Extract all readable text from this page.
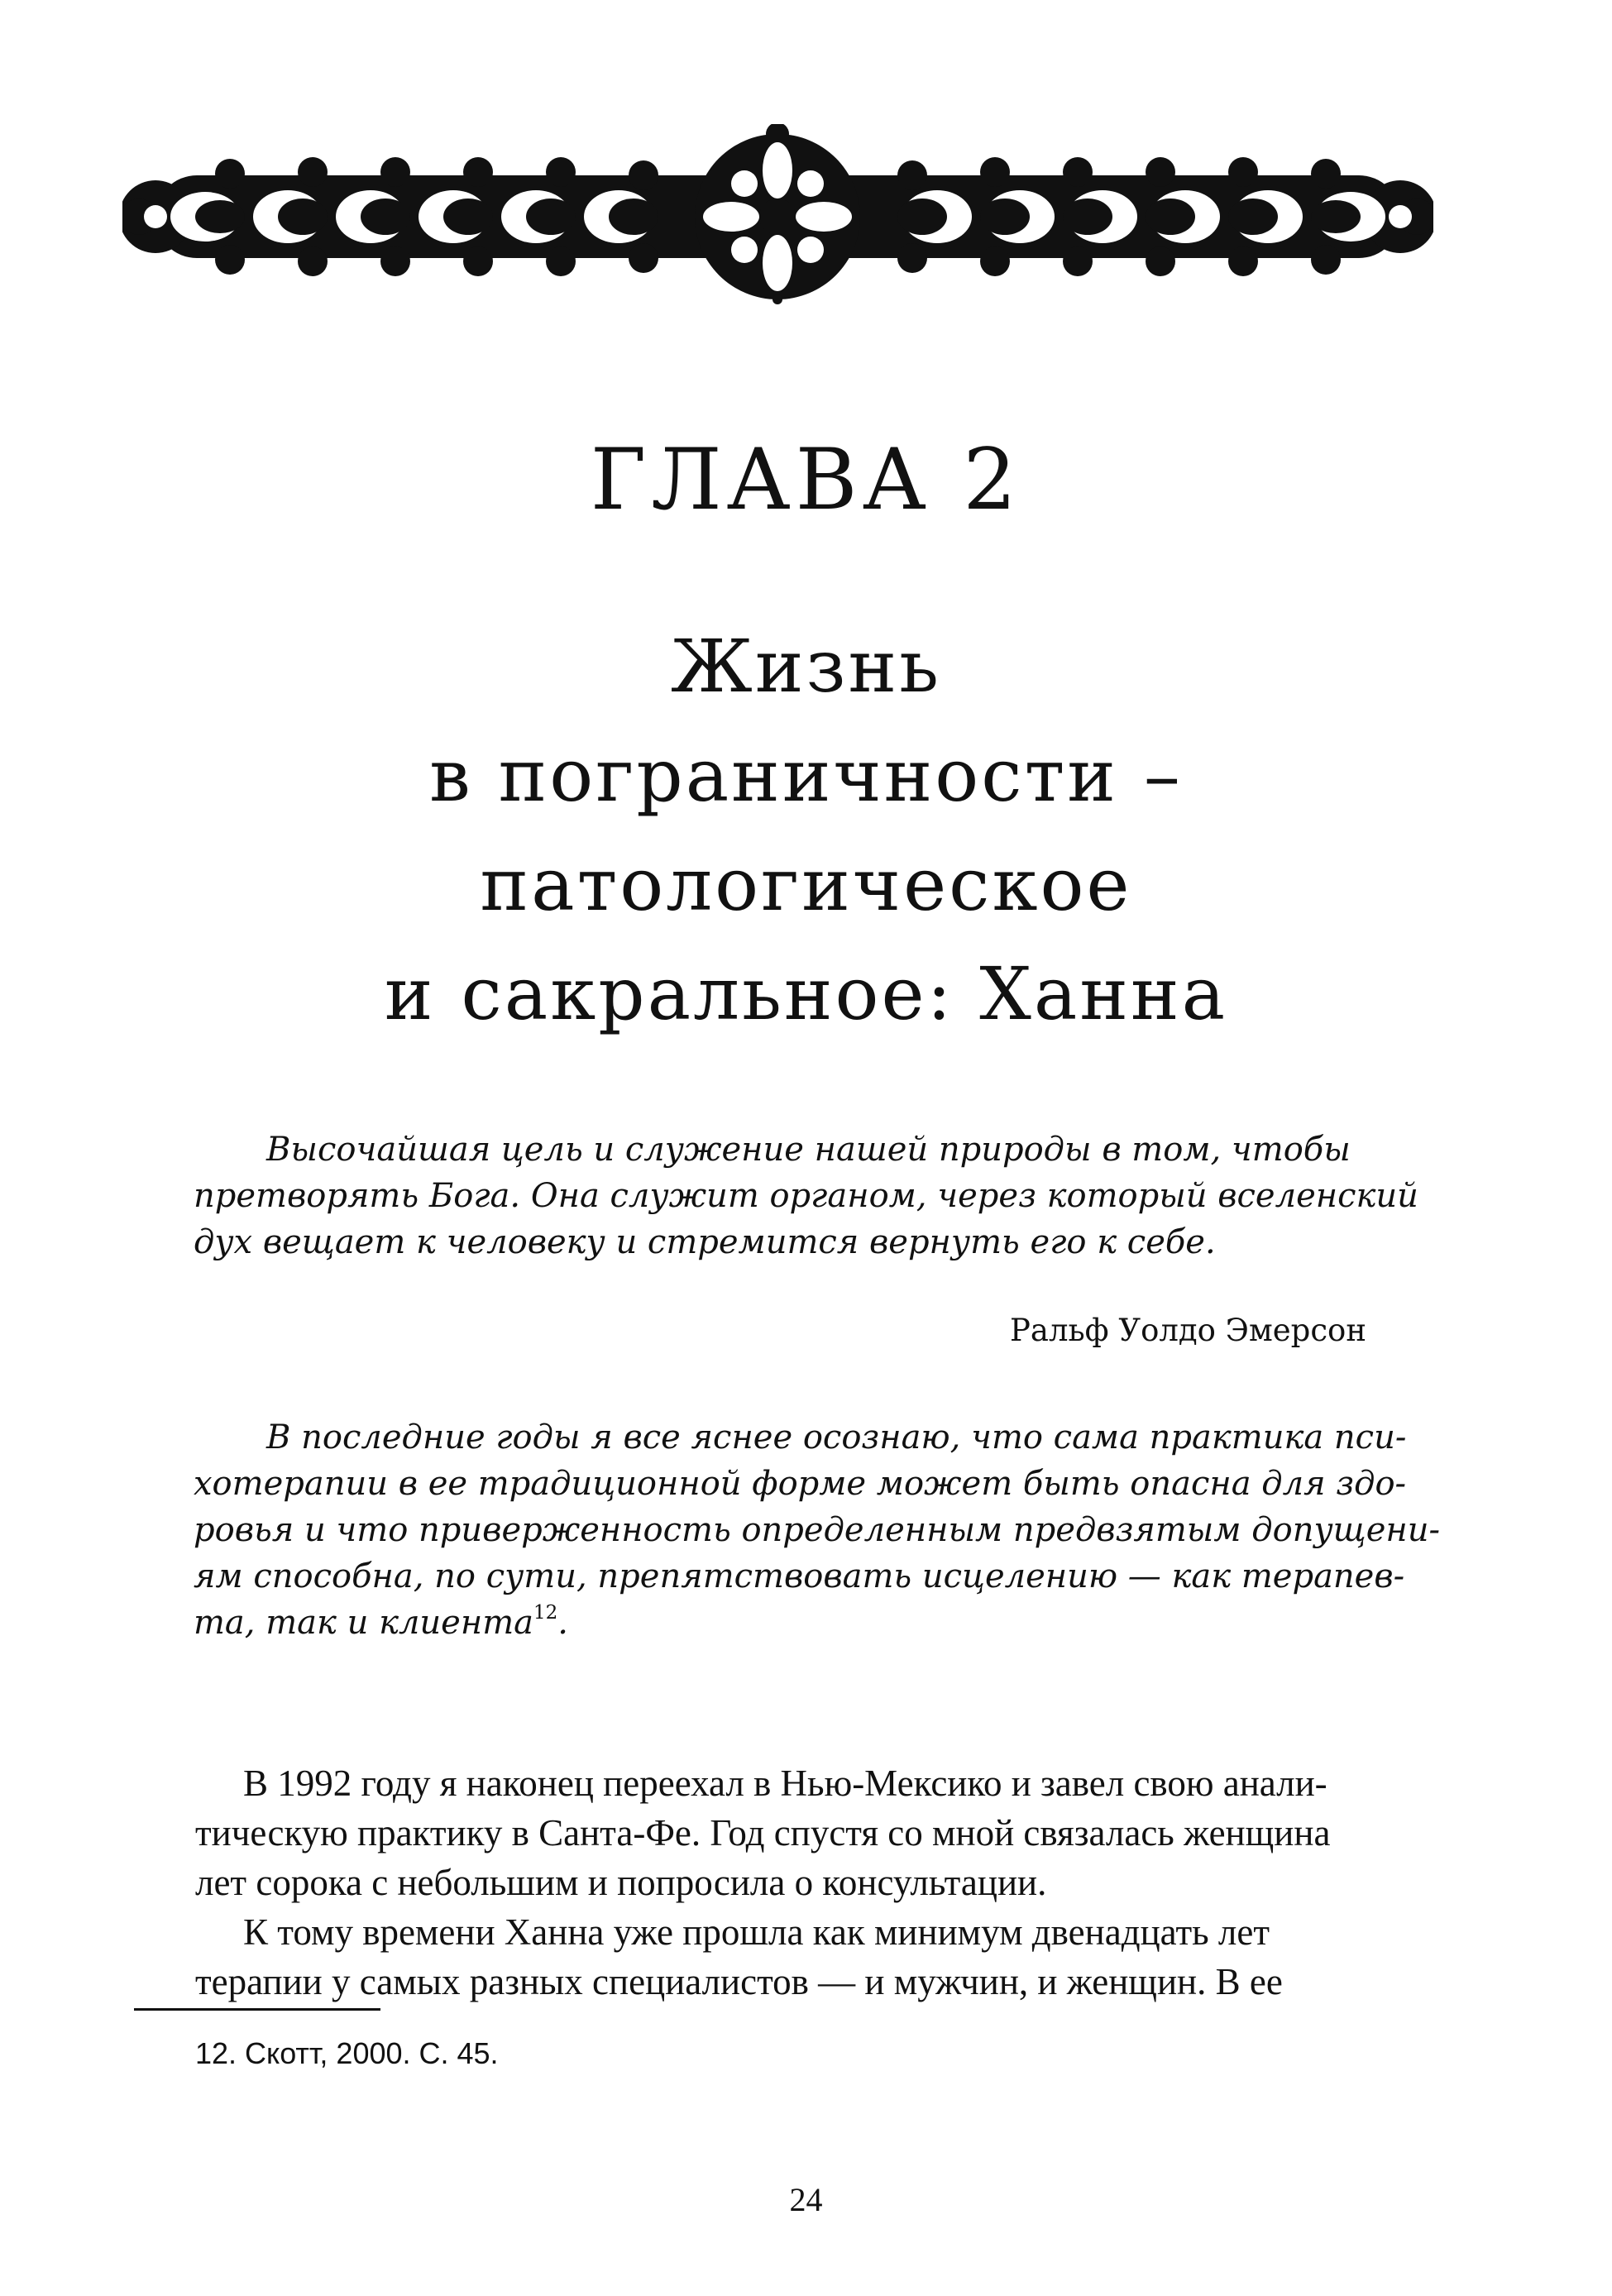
ГЛАВА 2
Жизнь
в пограничности –
патологическое
и сакральное: Ханна
Высочайшая цель и служение нашей природы в том, чтобы
претворять Бога. Она служит органом, через который вселенский
дух вещает к человеку и стремится вернуть его к себе.
Ральф Уолдо Эмерсон
В последние годы я все яснее осознаю, что сама практика пси-
хотерапии в ее традиционной форме может быть опасна для здо-
ровья и что приверженность определенным предвзятым допущени-
ям способна, по сути, препятствовать исцелению — как терапев-
та, так и клиента$^{12}$.
В 1992 году я наконец переехал в Нью-Мексико и завел свою анали-
тическую практику в Санта-Фе. Год спустя со мной связалась женщина
лет сорока с небольшим и попросила о консультации.
К тому времени Ханна уже прошла как минимум двенадцать лет
терапии у самых разных специалистов — и мужчин, и женщин. В ее
12. Скотт, 2000. С. 45.
24
